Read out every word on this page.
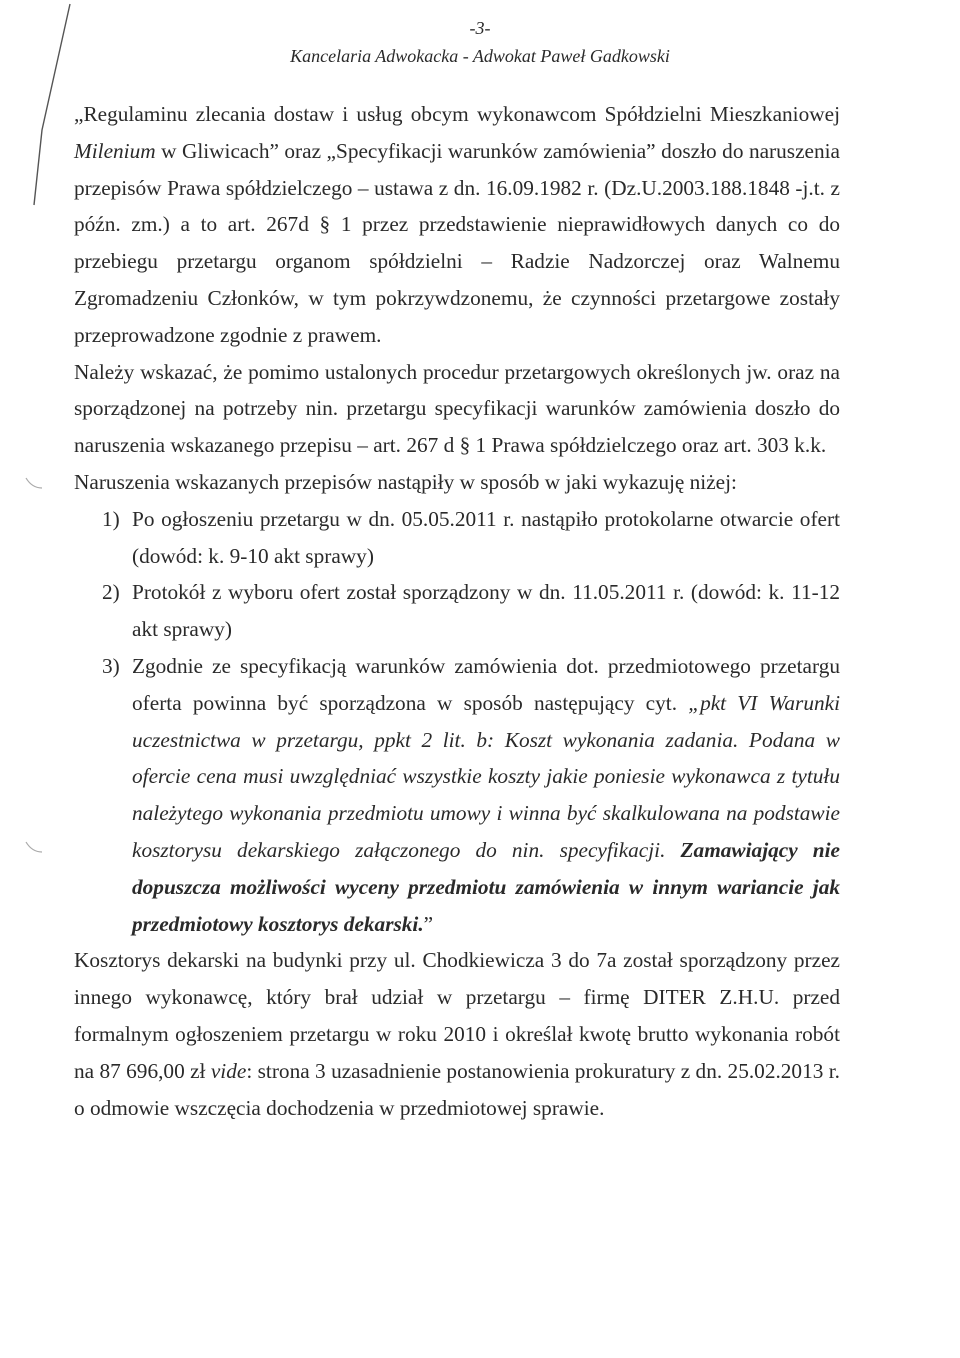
-3-
Kancelaria Adwokacka - Adwokat Paweł Gadkowski

„Regulaminu zlecania dostaw i usług obcym wykonawcom Spółdzielni Mieszkaniowej Milenium w Gliwicach” oraz „Specyfikacji warunków zamówienia” doszło do naruszenia przepisów Prawa spółdzielczego – ustawa z dn. 16.09.1982 r. (Dz.U.2003.188.1848 -j.t. z późn. zm.) a to art. 267d § 1 przez przedstawienie nieprawidłowych danych co do przebiegu przetargu organom spółdzielni – Radzie Nadzorczej oraz Walnemu Zgromadzeniu Członków, w tym pokrzywdzonemu, że czynności przetargowe zostały przeprowadzone zgodnie z prawem.

Należy wskazać, że pomimo ustalonych procedur przetargowych określonych jw. oraz na sporządzonej na potrzeby nin. przetargu specyfikacji warunków zamówienia doszło do naruszenia wskazanego przepisu – art. 267 d § 1 Prawa spółdzielczego oraz art. 303 k.k.

Naruszenia wskazanych przepisów nastąpiły w sposób w jaki wykazuję niżej:

1) Po ogłoszeniu przetargu w dn. 05.05.2011 r. nastąpiło protokolarne otwarcie ofert (dowód: k. 9-10 akt sprawy)
2) Protokół z wyboru ofert został sporządzony w dn. 11.05.2011 r. (dowód: k. 11-12 akt sprawy)
3) Zgodnie ze specyfikacją warunków zamówienia dot. przedmiotowego przetargu oferta powinna być sporządzona w sposób następujący cyt. „pkt VI Warunki uczestnictwa w przetargu, ppkt 2 lit. b: Koszt wykonania zadania. Podana w ofercie cena musi uwzględniać wszystkie koszty jakie poniesie wykonawca z tytułu należytego wykonania przedmiotu umowy i winna być skalkulowana na podstawie kosztorysu dekarskiego załączonego do nin. specyfikacji. Zamawiający nie dopuszcza możliwości wyceny przedmiotu zamówienia w innym wariancie jak przedmiotowy kosztorys dekarski.”

Kosztorys dekarski na budynki przy ul. Chodkiewicza 3 do 7a został sporządzony przez innego wykonawcę, który brał udział w przetargu – firmę DITER Z.H.U. przed formalnym ogłoszeniem przetargu w roku 2010 i określał kwotę brutto wykonania robót na 87 696,00 zł vide: strona 3 uzasadnienie postanowienia prokuratury z dn. 25.02.2013 r. o odmowie wszczęcia dochodzenia w przedmiotowej sprawie.
